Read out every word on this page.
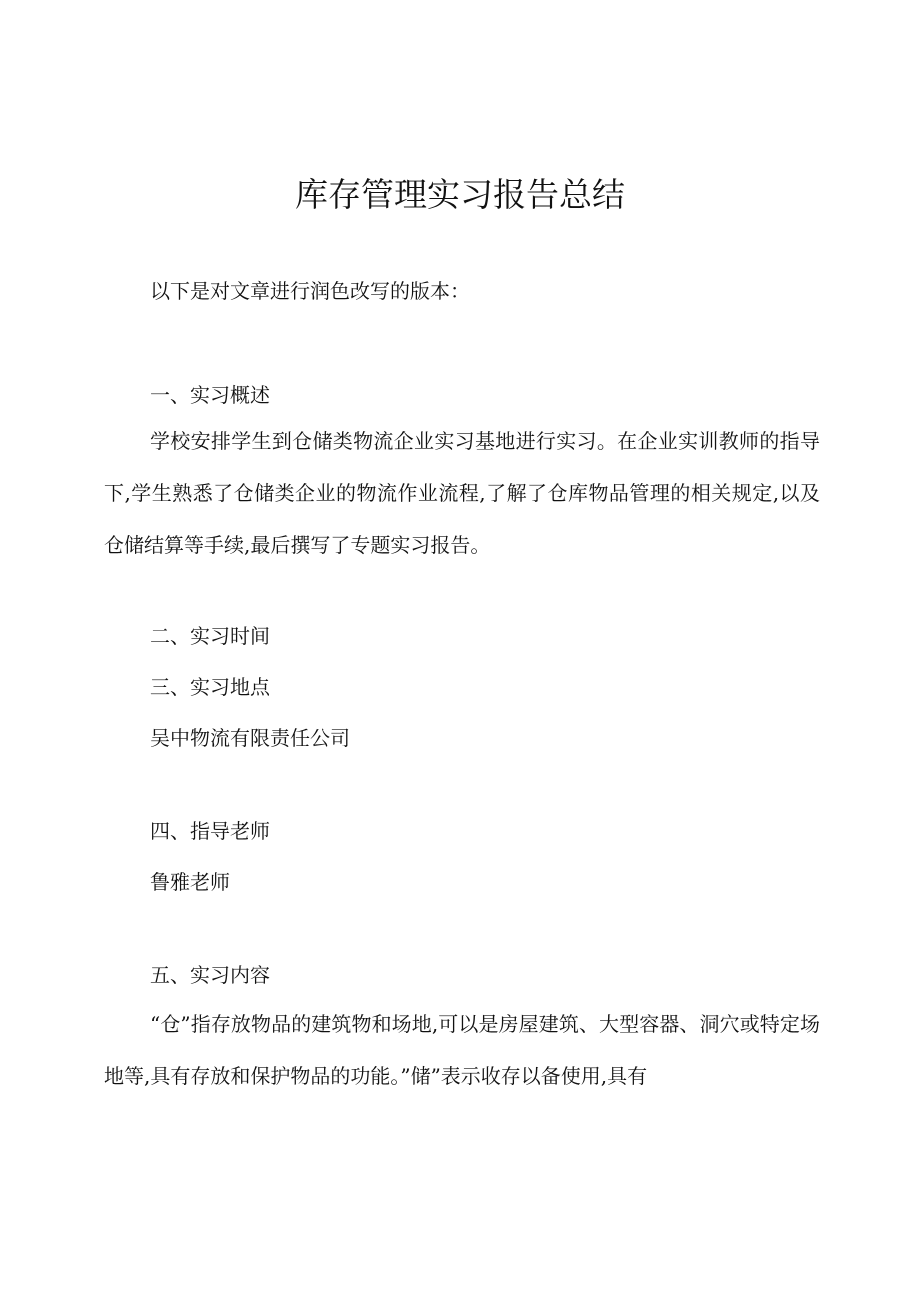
库存管理实习报告总结

以下是对文章进行润色改写的版本：

一、实习概述

学校安排学生到仓储类物流企业实习基地进行实习。在企业实训教师的指导下,学生熟悉了仓储类企业的物流作业流程,了解了仓库物品管理的相关规定,以及仓储结算等手续,最后撰写了专题实习报告。

二、实习时间

三、实习地点

吴中物流有限责任公司

四、指导老师

鲁雅老师

五、实习内容

“仓”指存放物品的建筑物和场地,可以是房屋建筑、大型容器、洞穴或特定场地等,具有存放和保护物品的功能。”储”表示收存以备使用,具有
